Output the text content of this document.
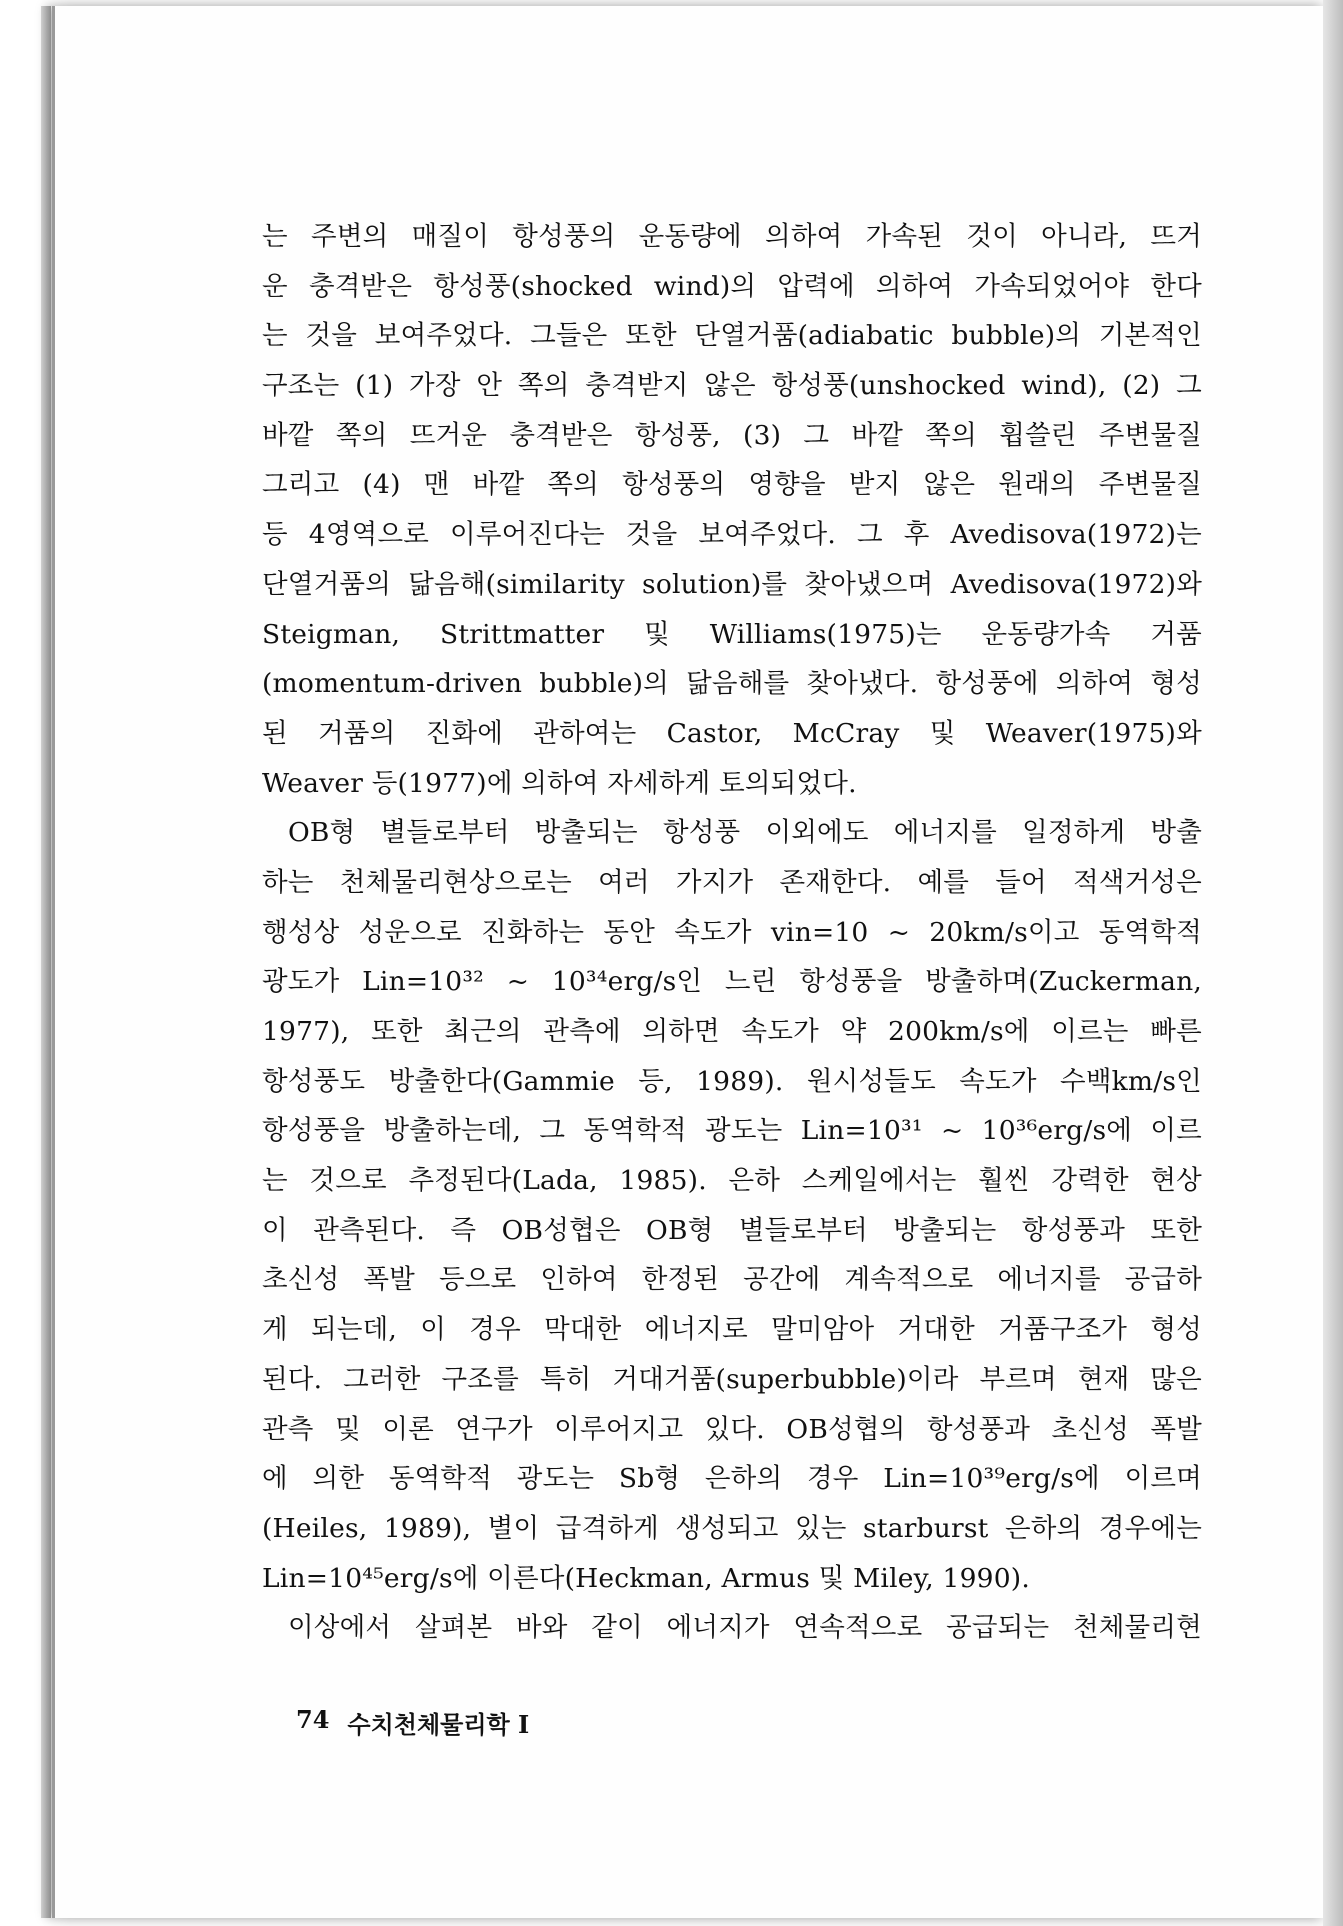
는 주변의 매질이 항성풍의 운동량에 의하여 가속된 것이 아니라, 뜨거
운 충격받은 항성풍(shocked wind)의 압력에 의하여 가속되었어야 한다
는 것을 보여주었다. 그들은 또한 단열거품(adiabatic bubble)의 기본적인
구조는 (1) 가장 안 쪽의 충격받지 않은 항성풍(unshocked wind), (2) 그
바깥 쪽의 뜨거운 충격받은 항성풍, (3) 그 바깥 쪽의 휩쓸린 주변물질
그리고 (4) 맨 바깥 쪽의 항성풍의 영향을 받지 않은 원래의 주변물질
등 4영역으로 이루어진다는 것을 보여주었다. 그 후 Avedisova(1972)는
단열거품의 닮음해(similarity solution)를 찾아냈으며 Avedisova(1972)와
Steigman, Strittmatter 및 Williams(1975)는 운동량가속 거품
(momentum-driven bubble)의 닮음해를 찾아냈다. 항성풍에 의하여 형성
된 거품의 진화에 관하여는 Castor, McCray 및 Weaver(1975)와
Weaver 등(1977)에 의하여 자세하게 토의되었다.
OB형 별들로부터 방출되는 항성풍 이외에도 에너지를 일정하게 방출
하는 천체물리현상으로는 여러 가지가 존재한다. 예를 들어 적색거성은
행성상 성운으로 진화하는 동안 속도가 vin=10 ~ 20km/s이고 동역학적
광도가 Lin=10³² ~ 10³⁴erg/s인 느린 항성풍을 방출하며(Zuckerman,
1977), 또한 최근의 관측에 의하면 속도가 약 200km/s에 이르는 빠른
항성풍도 방출한다(Gammie 등, 1989). 원시성들도 속도가 수백km/s인
항성풍을 방출하는데, 그 동역학적 광도는 Lin=10³¹ ~ 10³⁶erg/s에 이르
는 것으로 추정된다(Lada, 1985). 은하 스케일에서는 훨씬 강력한 현상
이 관측된다. 즉 OB성협은 OB형 별들로부터 방출되는 항성풍과 또한
초신성 폭발 등으로 인하여 한정된 공간에 계속적으로 에너지를 공급하
게 되는데, 이 경우 막대한 에너지로 말미암아 거대한 거품구조가 형성
된다. 그러한 구조를 특히 거대거품(superbubble)이라 부르며 현재 많은
관측 및 이론 연구가 이루어지고 있다. OB성협의 항성풍과 초신성 폭발
에 의한 동역학적 광도는 Sb형 은하의 경우 Lin=10³⁹erg/s에 이르며
(Heiles, 1989), 별이 급격하게 생성되고 있는 starburst 은하의 경우에는
Lin=10⁴⁵erg/s에 이른다(Heckman, Armus 및 Miley, 1990).
이상에서 살펴본 바와 같이 에너지가 연속적으로 공급되는 천체물리현
74 수치천체물리학 I
